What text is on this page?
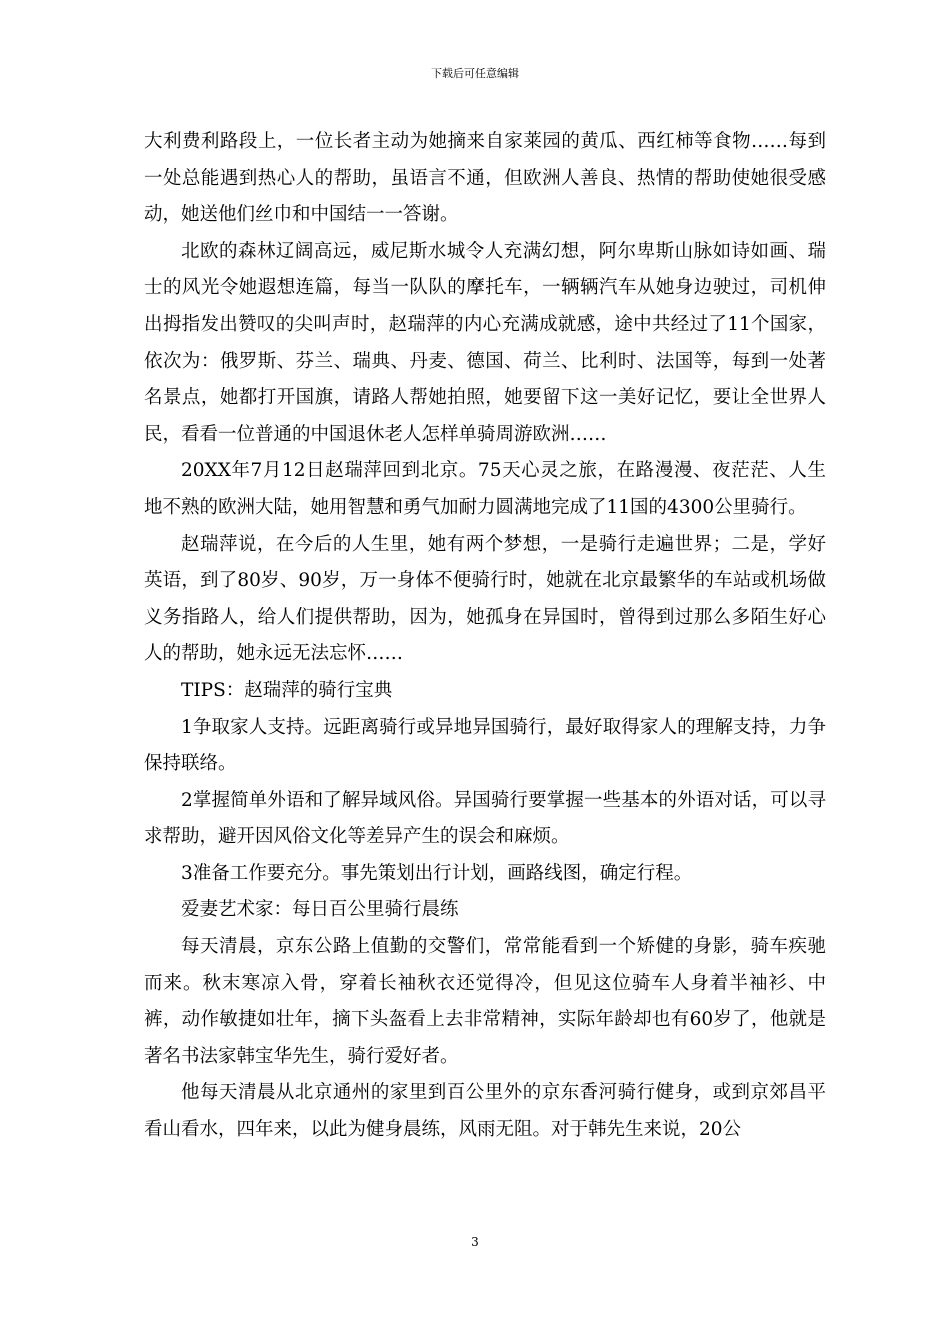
下载后可任意编辑

大利费利路段上，一位长者主动为她摘来自家莱园的黄瓜、西红柿等食物……每到一处总能遇到热心人的帮助，虽语言不通，但欧洲人善良、热情的帮助使她很受感动，她送他们丝巾和中国结一一答谢。

北欧的森林辽阔高远，威尼斯水城令人充满幻想，阿尔卑斯山脉如诗如画、瑞士的风光令她遐想连篇，每当一队队的摩托车，一辆辆汽车从她身边驶过，司机伸出拇指发出赞叹的尖叫声时，赵瑞萍的内心充满成就感，途中共经过了11个国家，依次为：俄罗斯、芬兰、瑞典、丹麦、德国、荷兰、比利时、法国等，每到一处著名景点，她都打开国旗，请路人帮她拍照，她要留下这一美好记忆，要让全世界人民，看看一位普通的中国退休老人怎样单骑周游欧洲……

20XX年7月12日赵瑞萍回到北京。75天心灵之旅，在路漫漫、夜茫茫、人生地不熟的欧洲大陆，她用智慧和勇气加耐力圆满地完成了11国的4300公里骑行。

赵瑞萍说，在今后的人生里，她有两个梦想，一是骑行走遍世界；二是，学好英语，到了80岁、90岁，万一身体不便骑行时，她就在北京最繁华的车站或机场做义务指路人，给人们提供帮助，因为，她孤身在异国时，曾得到过那么多陌生好心人的帮助，她永远无法忘怀……

TIPS：赵瑞萍的骑行宝典

1争取家人支持。远距离骑行或异地异国骑行，最好取得家人的理解支持，力争保持联络。

2掌握简单外语和了解异域风俗。异国骑行要掌握一些基本的外语对话，可以寻求帮助，避开因风俗文化等差异产生的误会和麻烦。

3准备工作要充分。事先策划出行计划，画路线图，确定行程。

爱妻艺术家：每日百公里骑行晨练

每天清晨，京东公路上值勤的交警们，常常能看到一个矫健的身影，骑车疾驰而来。秋末寒凉入骨，穿着长袖秋衣还觉得冷，但见这位骑车人身着半袖衫、中裤，动作敏捷如壮年，摘下头盔看上去非常精神，实际年龄却也有60岁了，他就是著名书法家韩宝华先生，骑行爱好者。

他每天清晨从北京通州的家里到百公里外的京东香河骑行健身，或到京郊昌平看山看水，四年来，以此为健身晨练，风雨无阻。对于韩先生来说，20公

3
